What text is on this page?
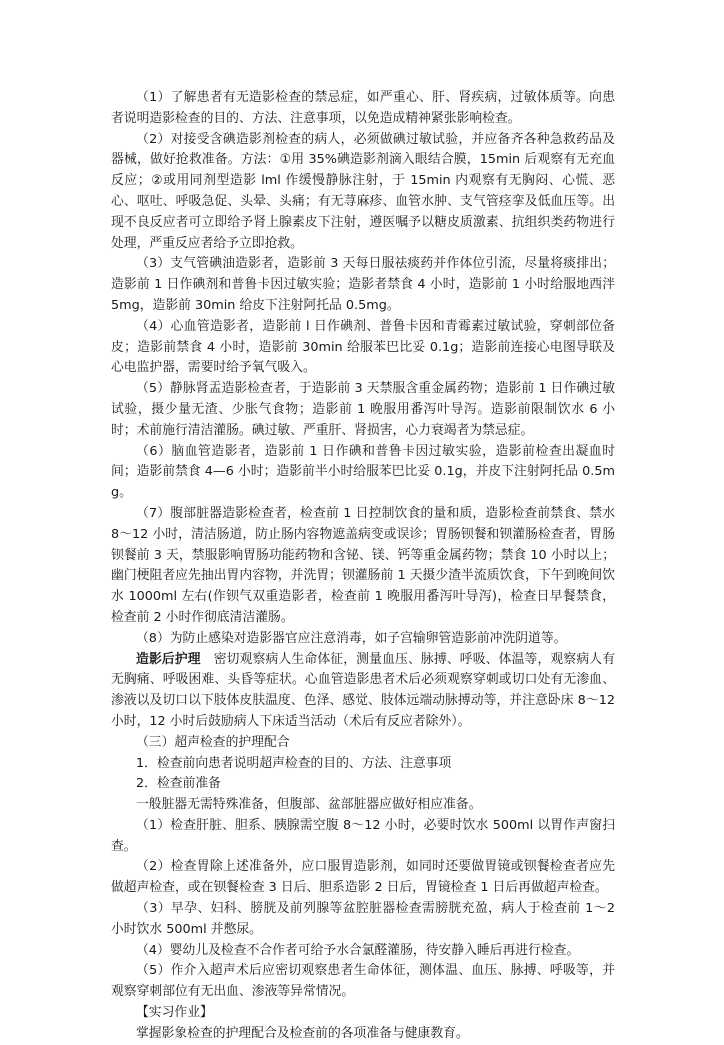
（1）了解患者有无造影检查的禁忌症，如严重心、肝、肾疾病，过敏体质等。向患者说明造影检查的目的、方法、注意事项，以免造成精神紧张影响检查。

（2）对接受含碘造影剂检查的病人，必须做碘过敏试验，并应备齐各种急救药品及器械，做好抢救准备。方法：①用 35%碘造影剂滴入眼结合膜，15min 后观察有无充血反应；②或用同剂型造影 lml 作缓慢静脉注射，于 15min 内观察有无胸闷、心慌、恶心、呕吐、呼吸急促、头晕、头痛；有无荨麻疹、血管水肿、支气管痉挛及低血压等。出现不良反应者可立即给予肾上腺素皮下注射，遵医嘱予以糖皮质激素、抗组织类药物进行处理，严重反应者给予立即抢救。

（3）支气管碘油造影者，造影前 3 天每日服祛痰药并作体位引流，尽量将痰排出；造影前 1 日作碘剂和普鲁卡因过敏实验；造影者禁食 4 小时，造影前 1 小时给服地西泮 5mg，造影前 30min 给皮下注射阿托品 0.5mg。

（4）心血管造影者，造影前 l 日作碘剂、普鲁卡因和青霉素过敏试验，穿刺部位备皮；造影前禁食 4 小时，造影前 30min 给服苯巴比妥 0.1g；造影前连接心电图导联及心电监护器，需要时给予氧气吸入。

（5）静脉肾盂造影检查者，于造影前 3 天禁服含重金属药物；造影前 1 日作碘过敏试验，摄少量无渣、少胀气食物；造影前 1 晚服用番泻叶导泻。造影前限制饮水 6 小时；术前施行清洁灌肠。碘过敏、严重肝、肾损害，心力衰竭者为禁忌症。

（6）脑血管造影者，造影前 1 日作碘和普鲁卡因过敏实验，造影前检查出凝血时间；造影前禁食 4—6 小时；造影前半小时给服苯巴比妥 0.1g，并皮下注射阿托品 0.5mg。

（7）腹部脏器造影检查者，检查前 1 日控制饮食的量和质，造影检查前禁食、禁水 8～12 小时，清洁肠道，防止肠内容物遮盖病变或误诊；胃肠钡餐和钡灌肠检查者，胃肠钡餐前 3 天，禁服影响胃肠功能药物和含铋、镁、钙等重金属药物；禁食 10 小时以上；幽门梗阻者应先抽出胃内容物，并洗胃；钡灌肠前 1 天摄少渣半流质饮食，下午到晚间饮水 1000ml 左右(作钡气双重造影者，检查前 1 晚服用番泻叶导泻)，检查日早餐禁食，检查前 2 小时作彻底清洁灌肠。

（8）为防止感染对造影器官应注意消毒，如子宫输卵管造影前冲洗阴道等。

造影后护理　密切观察病人生命体征，测量血压、脉搏、呼吸、体温等，观察病人有无胸痛、呼吸困难、头昏等症状。心血管造影患者术后必须观察穿刺或切口处有无渗血、渗液以及切口以下肢体皮肤温度、色泽、感觉、肢体远端动脉搏动等，并注意卧床 8～12 小时，12 小时后鼓励病人下床适当活动（术后有反应者除外）。

（三）超声检查的护理配合

1．检查前向患者说明超声检查的目的、方法、注意事项

2．检查前准备

一般脏器无需特殊准备，但腹部、盆部脏器应做好相应准备。

（1）检查肝脏、胆系、胰腺需空腹 8～12 小时，必要时饮水 500ml 以胃作声窗扫查。

（2）检查胃除上述准备外，应口服胃造影剂，如同时还要做胃镜或钡餐检查者应先做超声检查，或在钡餐检查 3 日后、胆系造影 2 日后，胃镜检查 1 日后再做超声检查。

（3）早孕、妇科、膀胱及前列腺等盆腔脏器检查需膀胱充盈，病人于检查前 1～2 小时饮水 500ml 并憋尿。

（4）婴幼儿及检查不合作者可给予水合氯醛灌肠，待安静入睡后再进行检查。

（5）作介入超声术后应密切观察患者生命体征，测体温、血压、脉搏、呼吸等，并观察穿刺部位有无出血、渗液等异常情况。

【实习作业】

掌握影象检查的护理配合及检查前的各项准备与健康教育。
